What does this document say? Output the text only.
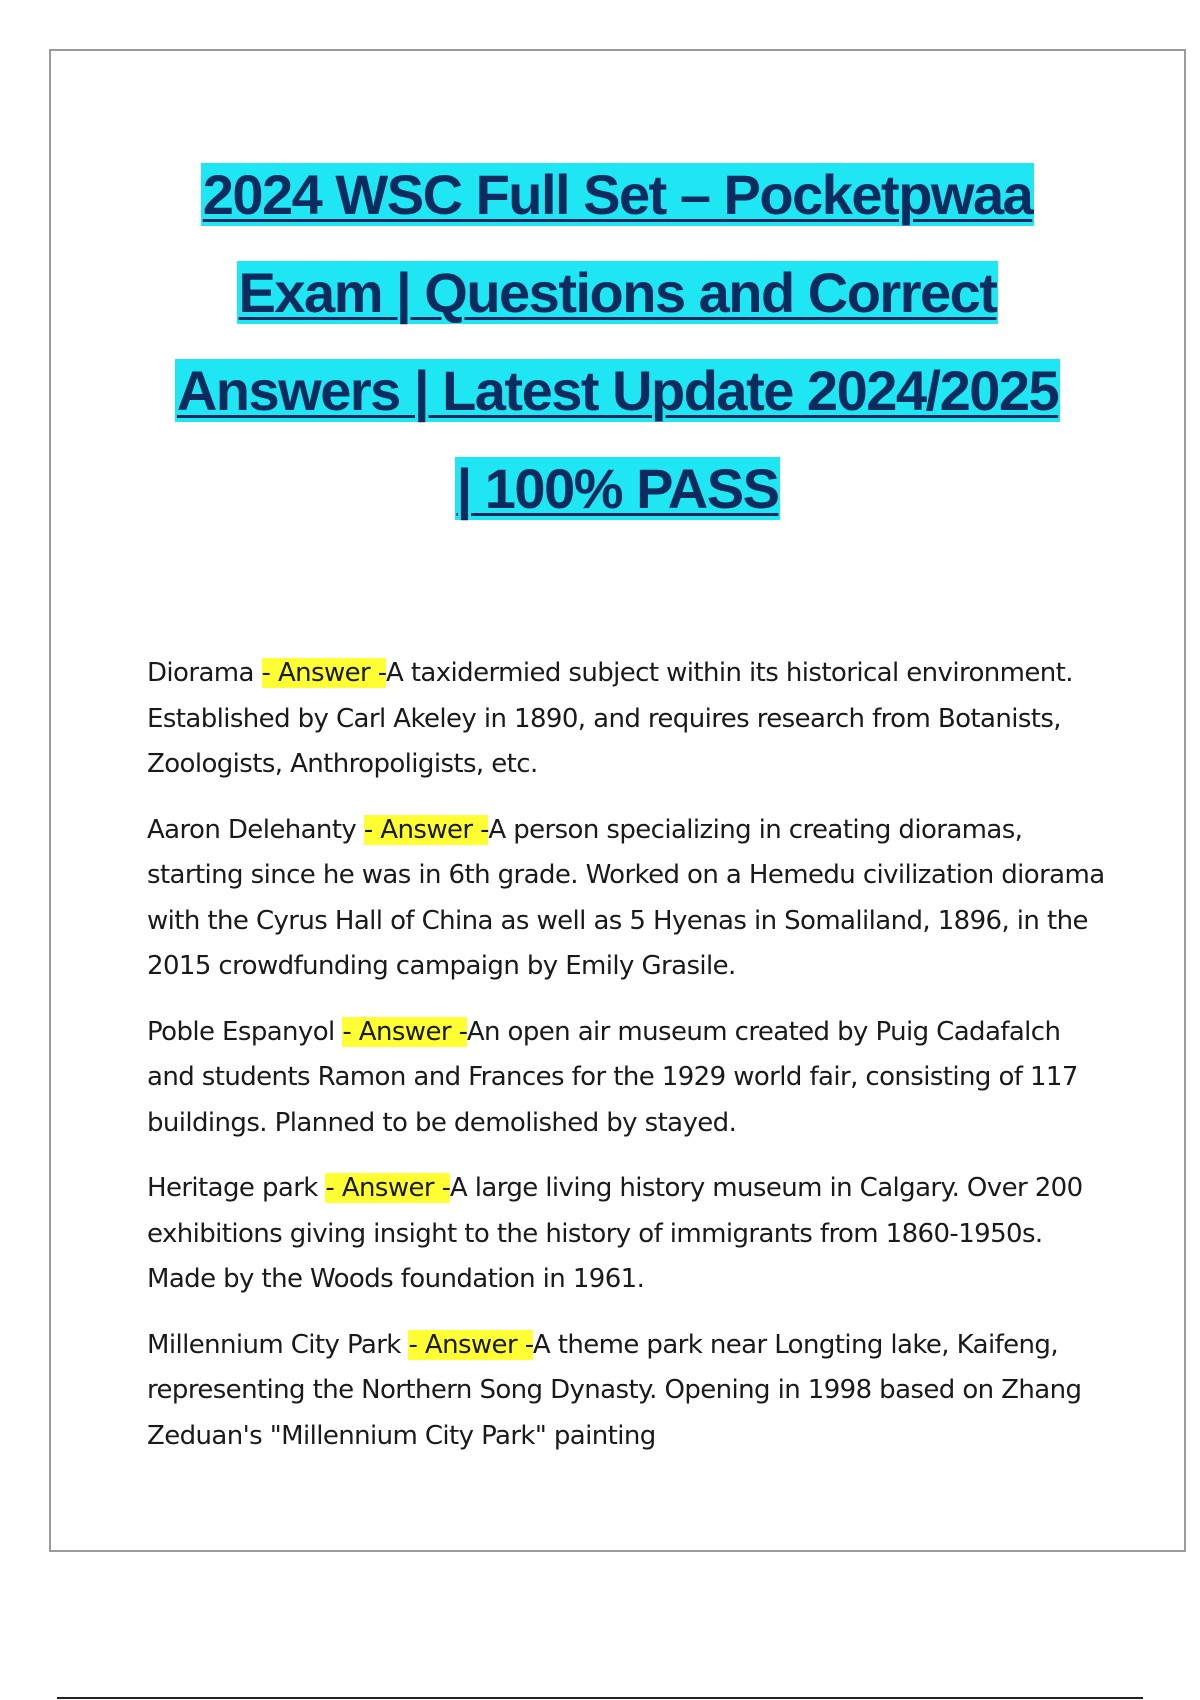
2024 WSC Full Set – Pocketpwaa
Exam | Questions and Correct
Answers | Latest Update 2024/2025
| 100% PASS

Diorama - Answer -A taxidermied subject within its historical environment. Established by Carl Akeley in 1890, and requires research from Botanists, Zoologists, Anthropoligists, etc.

Aaron Delehanty - Answer -A person specializing in creating dioramas, starting since he was in 6th grade. Worked on a Hemedu civilization diorama with the Cyrus Hall of China as well as 5 Hyenas in Somaliland, 1896, in the 2015 crowdfunding campaign by Emily Grasile.

Poble Espanyol - Answer -An open air museum created by Puig Cadafalch and students Ramon and Frances for the 1929 world fair, consisting of 117 buildings. Planned to be demolished by stayed.

Heritage park - Answer -A large living history museum in Calgary. Over 200 exhibitions giving insight to the history of immigrants from 1860-1950s. Made by the Woods foundation in 1961.

Millennium City Park - Answer -A theme park near Longting lake, Kaifeng, representing the Northern Song Dynasty. Opening in 1998 based on Zhang Zeduan's "Millennium City Park" painting
